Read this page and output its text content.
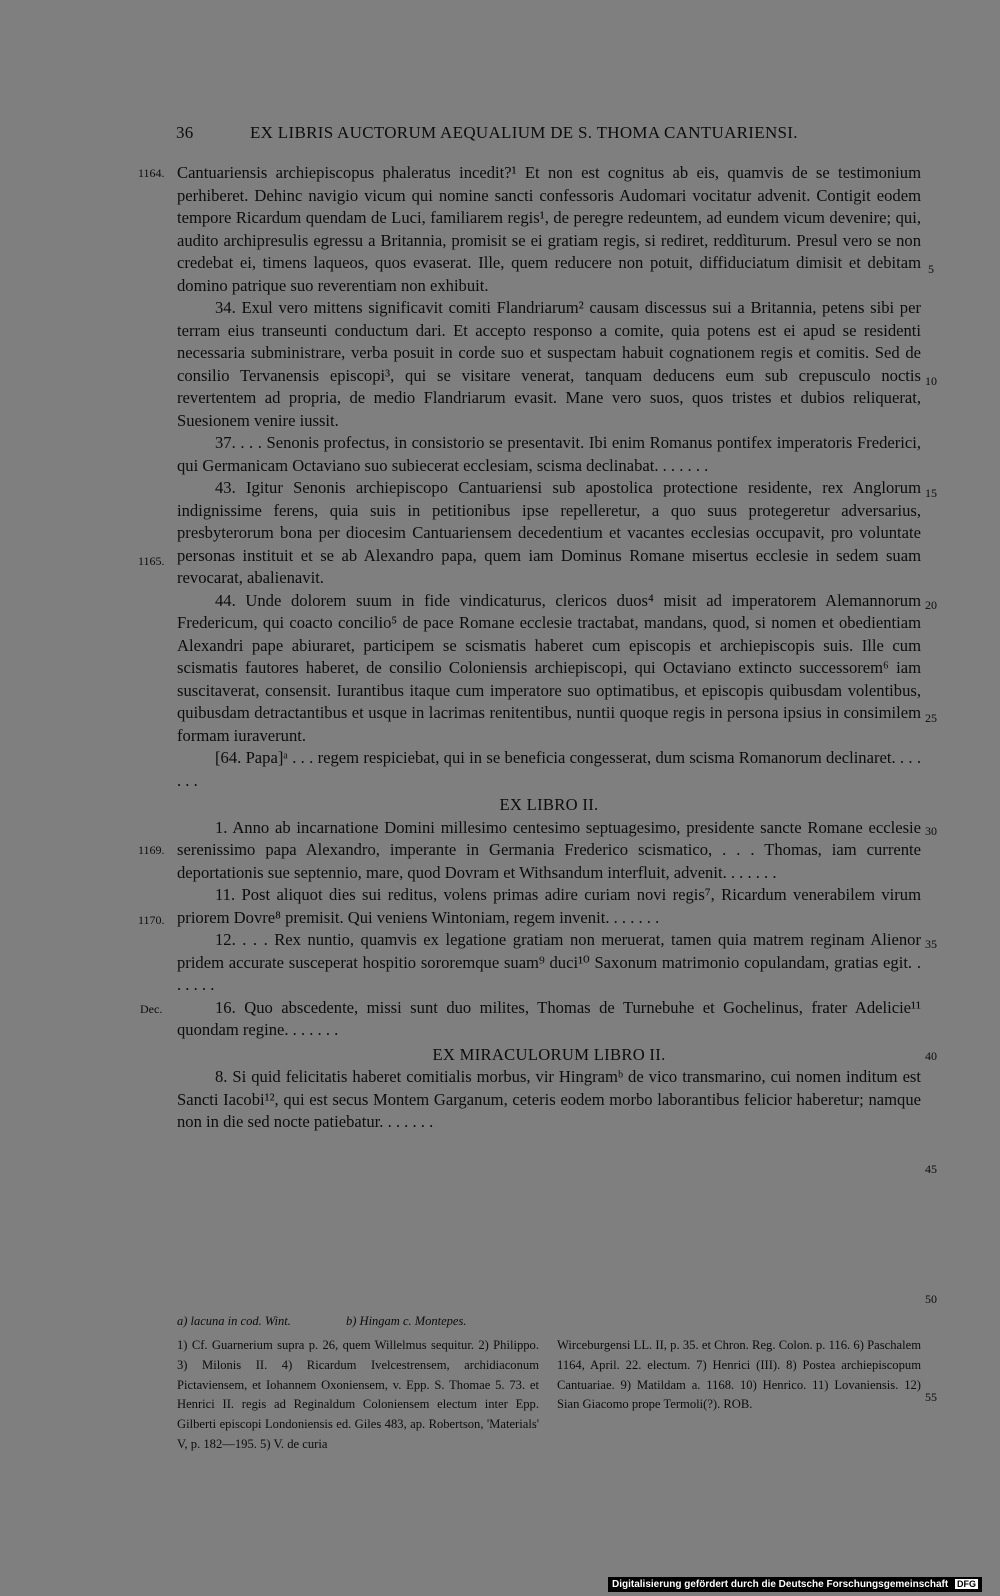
36	EX LIBRIS AUCTORUM AEQUALIUM DE S. THOMA CANTUARIENSI.
1164.
1165.
1169.
1170.
Dec.
5
10
15
20
25
30
35
40
45
50
55

Cantuariensis archiepiscopus phaleratus incedit?¹ Et non est cognitus ab eis, quamvis de se testimonium perhiberet. Dehinc navigio vicum qui nomine sancti confessoris Audomari vocitatur advenit. Contigit eodem tempore Ricardum quendam de Luci, familiarem regis¹, de peregre redeuntem, ad eundem vicum devenire; qui, audito archipresulis egressu a Britannia, promisit se ei gratiam regis, si rediret, reddìturum. Presul vero se non credebat ei, timens laqueos, quos evaserat. Ille, quem reducere non potuit, diffiduciatum dimisit et debitam domino patrique suo reverentiam non exhibuit.

34. Exul vero mittens significavit comiti Flandriarum² causam discessus sui a Britannia, petens sibi per terram eius transeunti conductum dari. Et accepto responso a comite, quia potens est ei apud se residenti necessaria subministrare, verba posuit in corde suo et suspectam habuit cognationem regis et comitis. Sed de consilio Tervanensis episcopi³, qui se visitare venerat, tanquam deducens eum sub crepusculo noctis revertentem ad propria, de medio Flandriarum evasit. Mane vero suos, quos tristes et dubios reliquerat, Suesionem venire iussit.

37. . . . Senonis profectus, in consistorio se presentavit. Ibi enim Romanus pontifex imperatoris Frederici, qui Germanicam Octaviano suo subiecerat ecclesiam, scisma declinabat. . . . . . .

43. Igitur Senonis archiepiscopo Cantuariensi sub apostolica protectione residente, rex Anglorum indignissime ferens, quia suis in petitionibus ipse repelleretur, a quo suus protegeretur adversarius, presbyterorum bona per diocesim Cantuariensem decedentium et vacantes ecclesias occupavit, pro voluntate personas instituit et se ab Alexandro papa, quem iam Dominus Romane misertus ecclesie in sedem suam revocarat, abalienavit.

44. Unde dolorem suum in fide vindicaturus, clericos duos⁴ misit ad imperatorem Alemannorum Fredericum, qui coacto concilio⁵ de pace Romane ecclesie tractabat, mandans, quod, si nomen et obedientiam Alexandri pape abiuraret, participem se scismatis haberet cum episcopis et archiepiscopis suis. Ille cum scismatis fautores haberet, de consilio Coloniensis archiepiscopi, qui Octaviano extincto successorem⁶ iam suscitaverat, consensit. Iurantibus itaque cum imperatore suo optimatibus, et episcopis quibusdam volentibus, quibusdam detractantibus et usque in lacrimas renitentibus, nuntii quoque regis in persona ipsius in consimilem formam iuraverunt.

[64. Papa]ᵃ . . . regem respiciebat, qui in se beneficia congesserat, dum scisma Romanorum declinaret. . . . . . .

EX LIBRO II.

1. Anno ab incarnatione Domini millesimo centesimo septuagesimo, presidente sancte Romane ecclesie serenissimo papa Alexandro, imperante in Germania Frederico scismatico, . . . Thomas, iam currente deportationis sue septennio, mare, quod Dovram et Withsandum interfluit, advenit. . . . . . .

11. Post aliquot dies sui reditus, volens primas adire curiam novi regis⁷, Ricardum venerabilem virum priorem Dovre⁸ premisit. Qui veniens Wintoniam, regem invenit. . . . . . .

12. . . . Rex nuntio, quamvis ex legatione gratiam non meruerat, tamen quia matrem reginam Alienor pridem accurate susceperat hospitio sororemque suam⁹ duci¹⁰ Saxonum matrimonio copulandam, gratias egit. . . . . . .

16. Quo abscedente, missi sunt duo milites, Thomas de Turnebuhe et Gochelinus, frater Adelicie¹¹ quondam regine. . . . . . .

EX MIRACULORUM LIBRO II.

8. Si quid felicitatis haberet comitialis morbus, vir Hingramᵇ de vico transmarino, cui nomen inditum est Sancti Iacobi¹², qui est secus Montem Garganum, ceteris eodem morbo laborantibus felicior haberetur; namque non in die sed nocte patiebatur. . . . . . .

a) lacuna in cod. Wint.	b) Hingam c. Montepes.
1) Cf. Guarnerium supra p. 26, quem Willelmus sequitur. 2) Philippo. 3) Milonis II. 4) Ricardum Ivelcestrensem, archidiaconum Pictaviensem, et Iohannem Oxoniensem, v. Epp. S. Thomae 5. 73. et Henrici II. regis ad Reginaldum Coloniensem electum inter Epp. Gilberti episcopi Londoniensis ed. Giles 483, ap. Robertson, 'Materials' V, p. 182—195. 5) V. de curia
Wirceburgensi LL. II, p. 35. et Chron. Reg. Colon. p. 116. 6) Paschalem 1164, April. 22. electum. 7) Henrici (III). 8) Postea archiepiscopum Cantuariae. 9) Matildam a. 1168. 10) Henrico. 11) Lovaniensis. 12) Sian Giacomo prope Termoli(?). ROB.
Digitalisierung gefördert durch die Deutsche Forschungsgemeinschaft DFG
